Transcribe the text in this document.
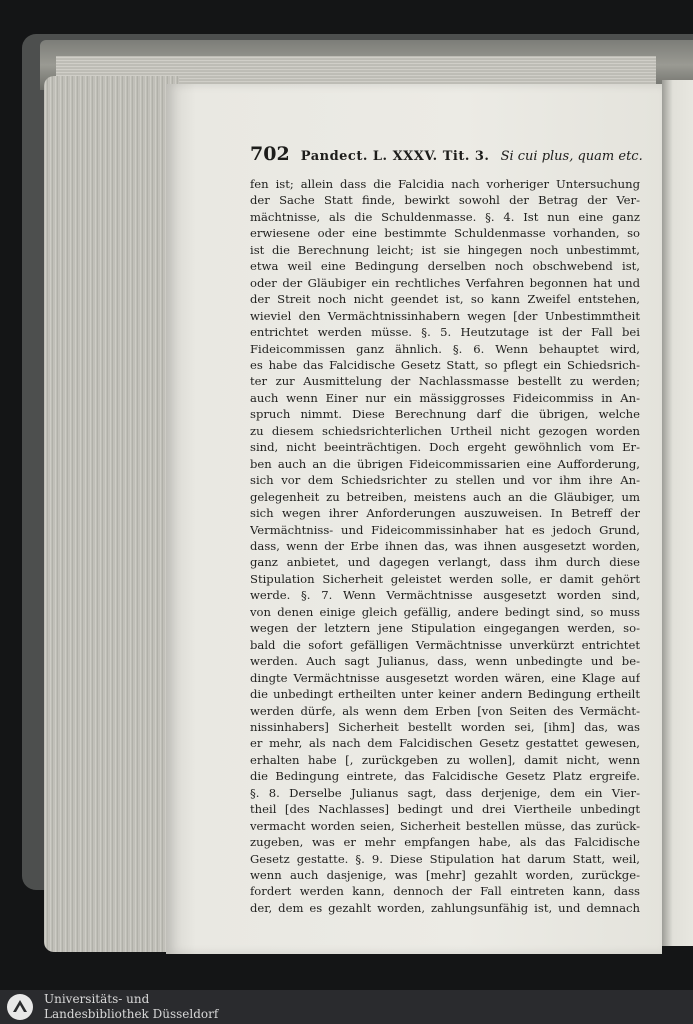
702 Pandect. L. XXXV. Tit. 3. Si cui plus, quam etc.
fen ist; allein dass die Falcidia nach vorheriger Untersuchung
der Sache Statt finde, bewirkt sowohl der Betrag der Ver-
mächtnisse, als die Schuldenmasse. §. 4. Ist nun eine ganz
erwiesene oder eine bestimmte Schuldenmasse vorhanden, so
ist die Berechnung leicht; ist sie hingegen noch unbestimmt,
etwa weil eine Bedingung derselben noch obschwebend ist,
oder der Gläubiger ein rechtliches Verfahren begonnen hat und
der Streit noch nicht geendet ist, so kann Zweifel entstehen,
wieviel den Vermächtnissinhabern wegen [der Unbestimmtheit
entrichtet werden müsse. §. 5. Heutzutage ist der Fall bei
Fideicommissen ganz ähnlich. §. 6. Wenn behauptet wird,
es habe das Falcidische Gesetz Statt, so pflegt ein Schiedsrich-
ter zur Ausmittelung der Nachlassmasse bestellt zu werden;
auch wenn Einer nur ein mässiggrosses Fideicommiss in An-
spruch nimmt. Diese Berechnung darf die übrigen, welche
zu diesem schiedsrichterlichen Urtheil nicht gezogen worden
sind, nicht beeinträchtigen. Doch ergeht gewöhnlich vom Er-
ben auch an die übrigen Fideicommissarien eine Aufforderung,
sich vor dem Schiedsrichter zu stellen und vor ihm ihre An-
gelegenheit zu betreiben, meistens auch an die Gläubiger, um
sich wegen ihrer Anforderungen auszuweisen. In Betreff der
Vermächtniss- und Fideicommissinhaber hat es jedoch Grund,
dass, wenn der Erbe ihnen das, was ihnen ausgesetzt worden,
ganz anbietet, und dagegen verlangt, dass ihm durch diese
Stipulation Sicherheit geleistet werden solle, er damit gehört
werde. §. 7. Wenn Vermächtnisse ausgesetzt worden sind,
von denen einige gleich gefällig, andere bedingt sind, so muss
wegen der letztern jene Stipulation eingegangen werden, so-
bald die sofort gefälligen Vermächtnisse unverkürzt entrichtet
werden. Auch sagt Julianus, dass, wenn unbedingte und be-
dingte Vermächtnisse ausgesetzt worden wären, eine Klage auf
die unbedingt ertheilten unter keiner andern Bedingung ertheilt
werden dürfe, als wenn dem Erben [von Seiten des Vermächt-
nissinhabers] Sicherheit bestellt worden sei, [ihm] das, was
er mehr, als nach dem Falcidischen Gesetz gestattet gewesen,
erhalten habe [, zurückgeben zu wollen], damit nicht, wenn
die Bedingung eintrete, das Falcidische Gesetz Platz ergreife.
§. 8. Derselbe Julianus sagt, dass derjenige, dem ein Vier-
theil [des Nachlasses] bedingt und drei Viertheile unbedingt
vermacht worden seien, Sicherheit bestellen müsse, das zurück-
zugeben, was er mehr empfangen habe, als das Falcidische
Gesetz gestatte. §. 9. Diese Stipulation hat darum Statt, weil,
wenn auch dasjenige, was [mehr] gezahlt worden, zurückge-
fordert werden kann, dennoch der Fall eintreten kann, dass
der, dem es gezahlt worden, zahlungsunfähig ist, und demnach
Universitäts- und
Landesbibliothek Düsseldorf
